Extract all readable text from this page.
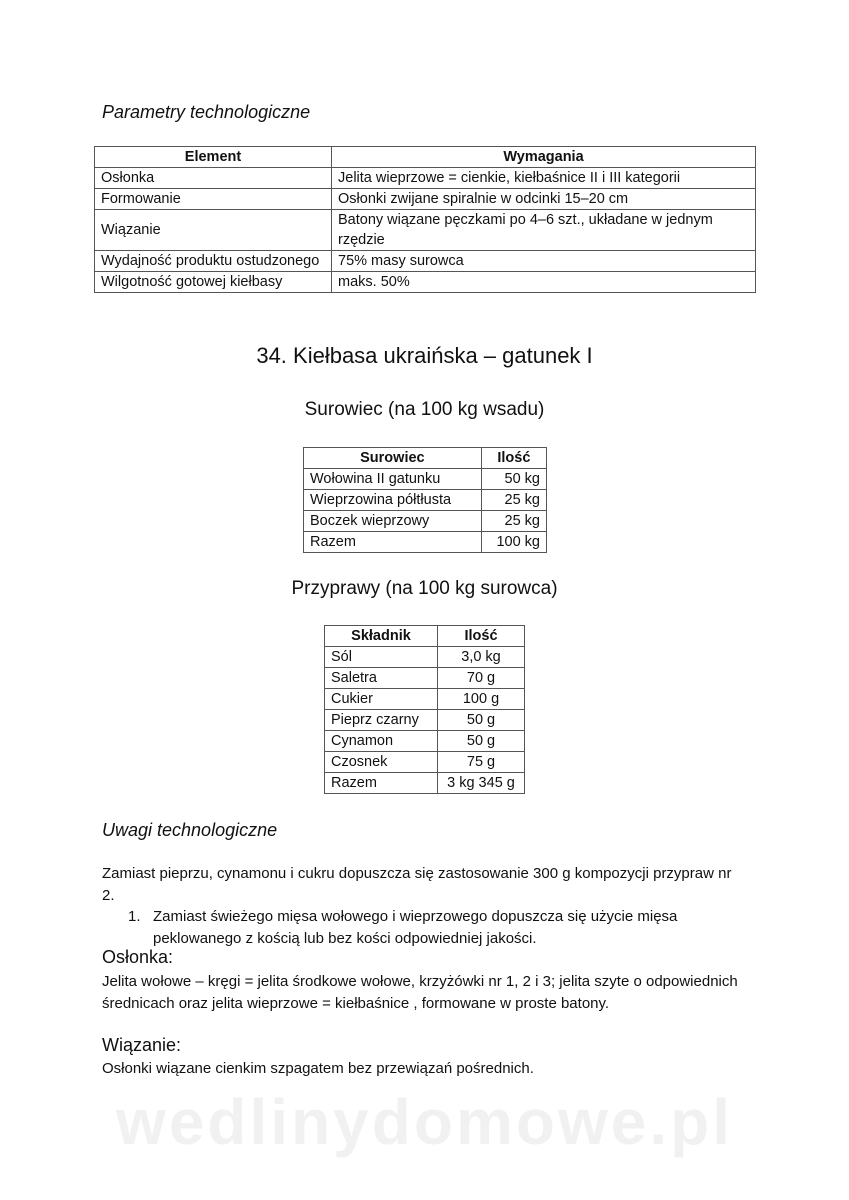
Parametry technologiczne
Element	Wymagania
Osłonka	Jelita wieprzowe = cienkie, kiełbaśnice II i III kategorii
Formowanie	Osłonki zwijane spiralnie w odcinki 15–20 cm
Wiązanie	Batony wiązane pęczkami po 4–6 szt., układane w jednym rzędzie
Wydajność produktu ostudzonego	75% masy surowca
Wilgotność gotowej kiełbasy	maks. 50%
34. Kiełbasa ukraińska – gatunek I
Surowiec (na 100 kg wsadu)
Surowiec	Ilość
Wołowina II gatunku	50 kg
Wieprzowina półtłusta	25 kg
Boczek wieprzowy	25 kg
Razem	100 kg
Przyprawy (na 100 kg surowca)
Składnik	Ilość
Sól	3,0 kg
Saletra	70 g
Cukier	100 g
Pieprz czarny	50 g
Cynamon	50 g
Czosnek	75 g
Razem	3 kg 345 g
Uwagi technologiczne
Zamiast pieprzu, cynamonu i cukru dopuszcza się zastosowanie 300 g kompozycji przypraw nr 2.
1. Zamiast świeżego mięsa wołowego i wieprzowego dopuszcza się użycie mięsa peklowanego z kością lub bez kości odpowiedniej jakości.
Osłonka:
Jelita wołowe – kręgi = jelita środkowe wołowe, krzyżówki nr 1, 2 i 3; jelita szyte o odpowiednich średnicach oraz jelita wieprzowe = kiełbaśnice , formowane w proste batony.
Wiązanie:
Osłonki wiązane cienkim szpagatem bez przewiązań pośrednich.
wedlinydomowe.pl
